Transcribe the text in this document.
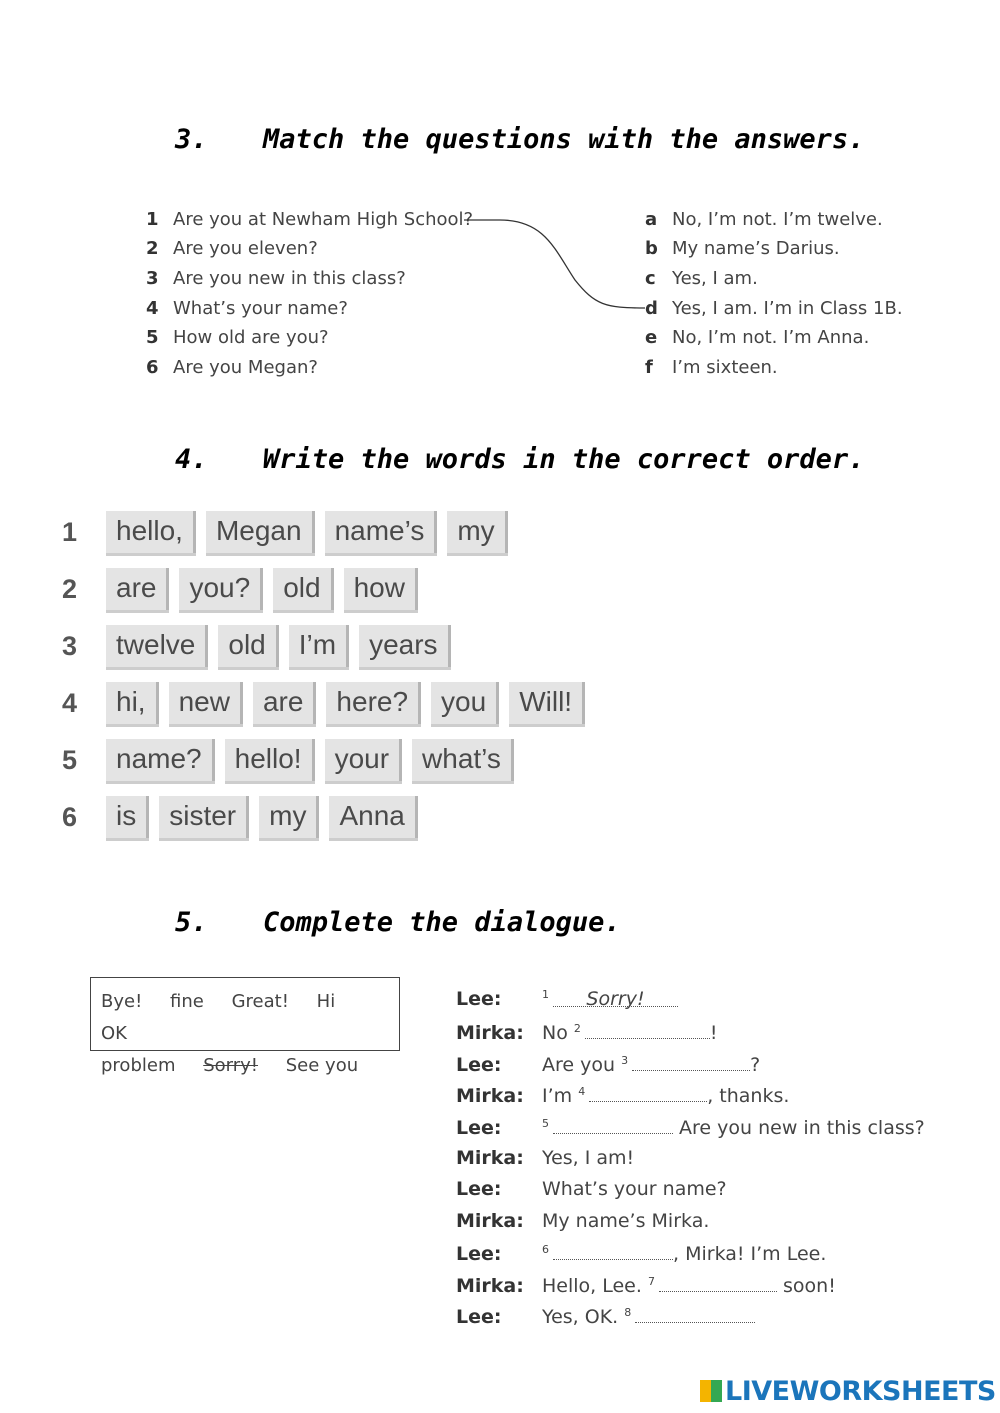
3. Match the questions with the answers.
1 Are you at Newham High School?
2 Are you eleven?
3 Are you new in this class?
4 What’s your name?
5 How old are you?
6 Are you Megan?
a No, I’m not. I’m twelve.
b My name’s Darius.
c Yes, I am.
d Yes, I am. I’m in Class 1B.
e No, I’m not. I’m Anna.
f I’m sixteen.
4. Write the words in the correct order.
1	hello,	Megan	name’s	my
2	are	you?	old	how
3	twelve	old	I’m	years
4	hi,	new	are	here?	you	Will!
5	name?	hello!	your	what’s
6	is	sister	my	Anna
5. Complete the dialogue.
Bye! fine Great! Hi OK
problem Sorry! See you
Lee:	$^1$ Sorry!
Mirka: No $^2$	!
Lee: Are you $^3$	?
Mirka: I’m $^4$	, thanks.
Lee:	$^5$	Are you new in this class?
Mirka: Yes, I am!
Lee: What’s your name?
Mirka: My name’s Mirka.
Lee:	$^6$	, Mirka! I’m Lee.
Mirka: Hello, Lee. $^7$	soon!
Lee: Yes, OK. $^8$
LIVEWORKSHEETS
